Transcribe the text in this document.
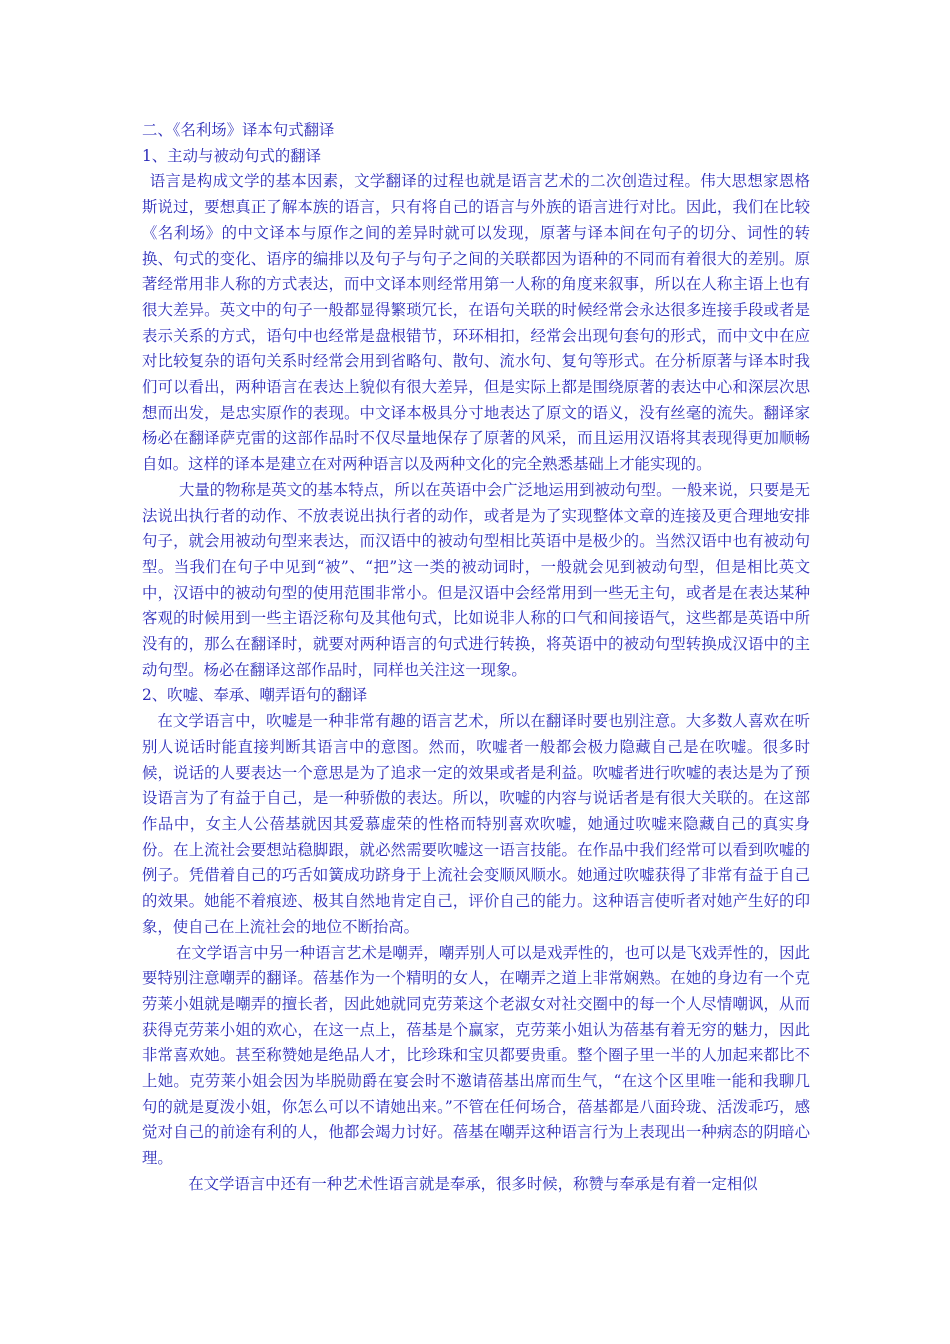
二、《名利场》译本句式翻译

1、主动与被动句式的翻译

语言是构成文学的基本因素，文学翻译的过程也就是语言艺术的二次创造过程。伟大思想家恩格斯说过，要想真正了解本族的语言，只有将自己的语言与外族的语言进行对比。因此，我们在比较《名利场》的中文译本与原作之间的差异时就可以发现，原著与译本间在句子的切分、词性的转换、句式的变化、语序的编排以及句子与句子之间的关联都因为语种的不同而有着很大的差别。原著经常用非人称的方式表达，而中文译本则经常用第一人称的角度来叙事，所以在人称主语上也有很大差异。英文中的句子一般都显得繁琐冗长，在语句关联的时候经常会永达很多连接手段或者是表示关系的方式，语句中也经常是盘根错节，环环相扣，经常会出现句套句的形式，而中文中在应对比较复杂的语句关系时经常会用到省略句、散句、流水句、复句等形式。在分析原著与译本时我们可以看出，两种语言在表达上貌似有很大差异，但是实际上都是围绕原著的表达中心和深层次思想而出发，是忠实原作的表现。中文译本极具分寸地表达了原文的语义，没有丝毫的流失。翻译家杨必在翻译萨克雷的这部作品时不仅尽量地保存了原著的风采，而且运用汉语将其表现得更加顺畅自如。这样的译本是建立在对两种语言以及两种文化的完全熟悉基础上才能实现的。

大量的物称是英文的基本特点，所以在英语中会广泛地运用到被动句型。一般来说，只要是无法说出执行者的动作、不放表说出执行者的动作，或者是为了实现整体文章的连接及更合理地安排句子，就会用被动句型来表达，而汉语中的被动句型相比英语中是极少的。当然汉语中也有被动句型。当我们在句子中见到“被”、“把”这一类的被动词时，一般就会见到被动句型，但是相比英文中，汉语中的被动句型的使用范围非常小。但是汉语中会经常用到一些无主句，或者是在表达某种客观的时候用到一些主语泛称句及其他句式，比如说非人称的口气和间接语气，这些都是英语中所没有的，那么在翻译时，就要对两种语言的句式进行转换，将英语中的被动句型转换成汉语中的主动句型。杨必在翻译这部作品时，同样也关注这一现象。

2、吹嘘、奉承、嘲弄语句的翻译

在文学语言中，吹嘘是一种非常有趣的语言艺术，所以在翻译时要也别注意。大多数人喜欢在听别人说话时能直接判断其语言中的意图。然而，吹嘘者一般都会极力隐藏自己是在吹嘘。很多时候，说话的人要表达一个意思是为了追求一定的效果或者是利益。吹嘘者进行吹嘘的表达是为了预设语言为了有益于自己，是一种骄傲的表达。所以，吹嘘的内容与说话者是有很大关联的。在这部作品中，女主人公蓓基就因其爱慕虚荣的性格而特别喜欢吹嘘，她通过吹嘘来隐藏自己的真实身份。在上流社会要想站稳脚跟，就必然需要吹嘘这一语言技能。在作品中我们经常可以看到吹嘘的例子。凭借着自己的巧舌如簧成功跻身于上流社会变顺风顺水。她通过吹嘘获得了非常有益于自己的效果。她能不着痕迹、极其自然地肯定自己，评价自己的能力。这种语言使听者对她产生好的印象，使自己在上流社会的地位不断抬高。

在文学语言中另一种语言艺术是嘲弄，嘲弄别人可以是戏弄性的，也可以是飞戏弄性的，因此要特别注意嘲弄的翻译。蓓基作为一个精明的女人，在嘲弄之道上非常娴熟。在她的身边有一个克劳莱小姐就是嘲弄的擅长者，因此她就同克劳莱这个老淑女对社交圈中的每一个人尽情嘲讽，从而获得克劳莱小姐的欢心，在这一点上，蓓基是个赢家，克劳莱小姐认为蓓基有着无穷的魅力，因此非常喜欢她。甚至称赞她是绝品人才，比珍珠和宝贝都要贵重。整个圈子里一半的人加起来都比不上她。克劳莱小姐会因为毕脱勋爵在宴会时不邀请蓓基出席而生气，“在这个区里唯一能和我聊几句的就是夏泼小姐，你怎么可以不请她出来。”不管在任何场合，蓓基都是八面玲珑、活泼乖巧，感觉对自己的前途有利的人，他都会竭力讨好。蓓基在嘲弄这种语言行为上表现出一种病态的阴暗心理。

在文学语言中还有一种艺术性语言就是奉承，很多时候，称赞与奉承是有着一定相似
